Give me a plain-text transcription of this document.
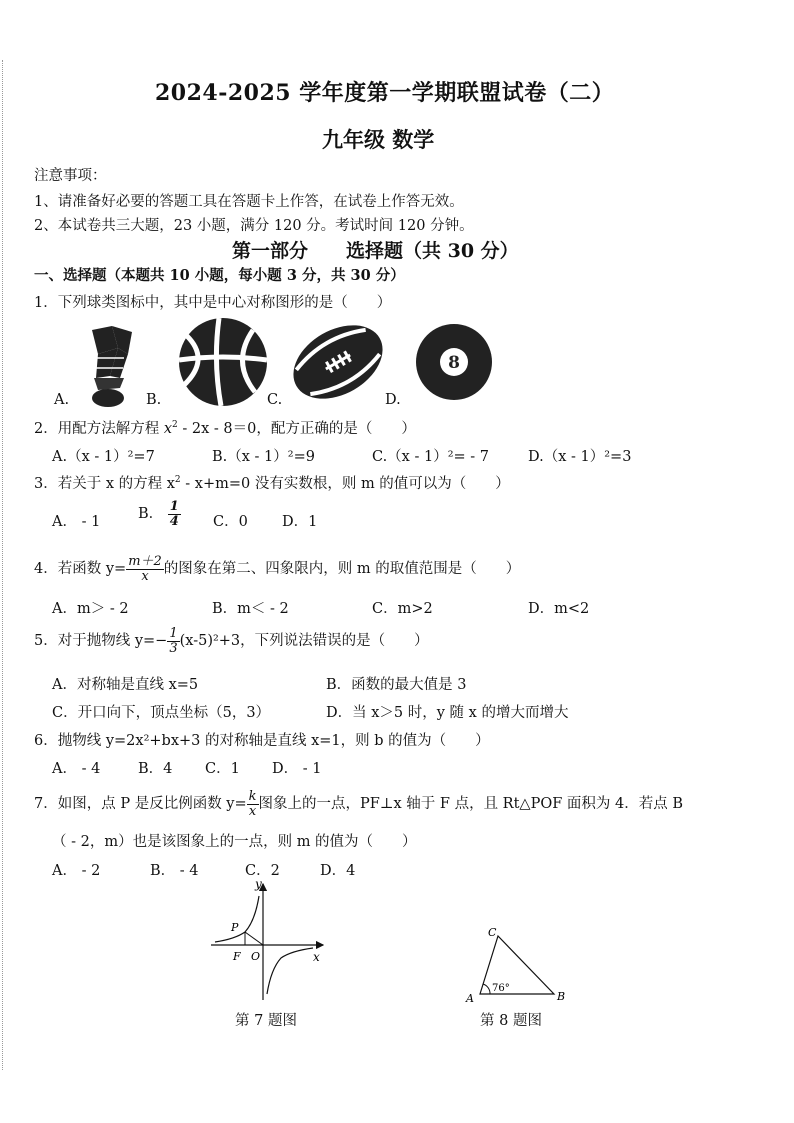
2024-2025 学年度第一学期联盟试卷（二）
九年级 数学
注意事项：
1、请准备好必要的答题工具在答题卡上作答，在试卷上作答无效。
2、本试卷共三大题，23 小题，满分 120 分。考试时间 120 分钟。
第一部分　　选择题（共 30 分）
一、选择题（本题共 10 小题，每小题 3 分，共 30 分）
1．下列球类图标中，其中是中心对称图形的是（　　）
8
A.	B.	C.	D.
2．用配方法解方程 $x^2 - 2x - 8=0$，配方正确的是（　　）
A.（x - 1）²=7	B.（x - 1）²=9	C.（x - 1）²= - 7	D.（x - 1）²=3
3．若关于 x 的方程 $x^2 - x+m=0$ 没有实数根，则 m 的值可以为（　　）
A． - 1	B． $\frac{1}{4}$ C．0 D．1
4．若函数 $y= \frac{m+2}{x}$ 的图象在第二、四象限内，则 m 的取值范围是（　　）
A．m＞ - 2	B．m＜ - 2	C．m>2	D．m<2
5．对于抛物线 $y=- \frac{1}{3} (x-5)^2+3$，下列说法错误的是（　　）
A．对称轴是直线 x=5	B．函数的最大值是 3
C．开口向下，顶点坐标（5，3）	D．当 x＞5 时，y 随 x 的增大而增大
6．抛物线 y=2x²+bx+3 的对称轴是直线 x=1，则 b 的值为（　　）
A． - 4	B．4 C．1 D． - 1
7．如图，点 P 是反比例函数 $y= \frac{k}{x}$ 图象上的一点，PF⊥x 轴于 F 点，且 Rt△POF 面积为 4．若点 B
（ - 2，m）也是该图象上的一点，则 m 的值为（　　）
A． - 2	B． - 4	C．2	D．4
y
x
P
F O
第 7 题图
C
A	B
76°
第 8 题图
